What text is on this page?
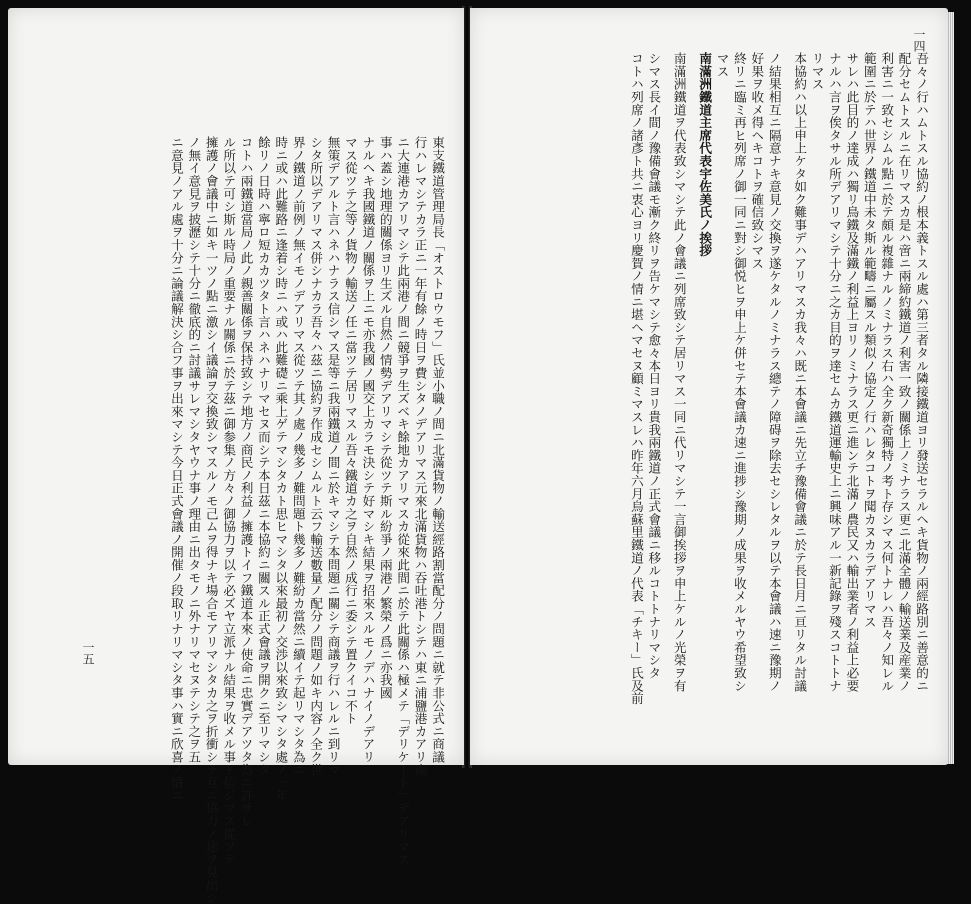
一五	東支鐵道管理局長「オストロウモフ」氏並小職ノ間ニ北滿貨物ノ輸送經路割當配分ノ問題ニ就テ非公式ニ商議
行ハレマシテカラ正ニ一年有餘ノ時日ヲ費シタノデアリマス元來北滿貨物ハ吞吐港トシテハ東ニ浦鹽港カアリ南
ニ大連港カアリマシテ此兩港ノ間ニ競爭ヲ生ズベキ餘地カアリマスカ從來此間ニ於テ此關係ハ極メテ「デリケート」デアリマス
事ハ蓋シ地理的關係ヨリ生ズル自然ノ情勢デアリマシテ從ツテ斯ル紛爭ノ兩港ノ繁榮ノ爲ニ亦我國
ナルヘキ我國鐵道ノ關係ヲ上ニモ亦我國ノ國交上カラモ決シテ好マシキ結果ヲ招來スルモノデハナイノデアリ
マス從ツテ之等ノ貨物ノ輸送ノ任ニ當ツテ居リマスル吾々鐵道カ之ヲ自然ノ成行ニ委シテ置クイコ不ト
無策デアルト言ハネハナラス信シマス是等ニ我兩鐵道ノ間ニ於キマシテ本問題ニ關シテ商議ヲ行ハレルニ到リマ
シタ所以デアリマス併シナカラ吾々ハ茲ニ協約ヲ作成セシムルト云フ輸送數量ノ配分ノ問題ノ如キ内容ノ全ク世
界ノ鐵道ノ前例ノ無イモノデアリマス從ツテ其ノ處ノ幾多ノ難問題ト幾多ノ難紛カ當然ニ續イテ起リマシタ為ニ
時ニ或ハ此難路ニ逢着シ時ニハ或ハ此難礎ニ乘上ゲテマシタカト思ヒマシタ以來最初ノ交渉以來致シマシタ處ノ一年
餘リノ日時ハ寧ロ短カカツタト言ハネハナリマセヌ而シテ本日茲ニ本協約ニ關スル正式會議ヲ開クニ至リマシタ
コトハ兩鐵道當局ノ此ノ親善關係ヲ保持致シテ地方ノ商民ノ利益ノ擁護トイフ鐵道本來ノ使命ニ忠實デアツタ為ニ許サレ
ル所以テ可シ斯ル時局ノ重要ナル關係ニ於テ茲ニ御参集ノ方々ノ御協力ヲ以テ必ズヤ立派ナル結果ヲ收メル事ト信ジマス從ツテ
擁護ノ會議中ニ如キ一ツノ點ニ激シイ議論ヲ交換致シマスルノモ己ムヲ得ナキ場合モアリマシタカ之ヲ折衝シテ互ニ協力ノ途ヲ見出シ
ノ無イ意見ヲ披瀝シテ十分ニ徹底的ニ討議サレマシタヤウナ事ノ理由ニ出タモノニ外ナリマセヌテシテ之ヲ五
ニ意見ノアル處ヲ十分ニ論議解決シ合フ事ヲ出來マシテ今日正式會議ノ開催ノ段取リナリマシタ事ハ實ニ欣喜ノ情ニ
一四
吾々ノ行ハムトスル協約ノ根本義トスル處ハ第三者タル隣接鐵道ヨリ發送セラルヘキ貨物ノ兩經路別ニ善意的ニ
配分セムトスルニ在リマスカ是ハ啻ニ兩締約鐵道ノ利害一致ノ關係上ノミナラス更ニ北滿全體ノ輸送業及産業ノ
利害ニ一致セシムル點ニ於テ頗ル複雜ナルノミナラス右ハ全ク新奇獨特ノ考ト存シマス何トナレハ吾々ノ知レル
範圍ニ於テハ世界ノ鐵道中未タ斯ル範疇ニ屬スル類似ノ協定ノ行ハレタコトヲ聞カヌカラデアリマス
サレハ此目的ノ達成ハ獨リ鳥鐵及滿鐵ノ利益上ヨリノミナラス更ニ進ンテ北滿ノ農民又ハ輸出業者ノ利益上必要
ナルハ言ヲ俟タサル所デアリマシテ十分ニ之カ目的ヲ達セムカ鐵道運輸史上ニ興味アル一新記錄ヲ殘スコトトナ
リマス
本協約ハ以上申上ケタ如ク難事デハアリマスカ我々ハ既ニ本會議ニ先立チ豫備會議ニ於テ長日月ニ亘リタル討議
ノ結果相互ニ隔意ナキ意見ノ交換ヲ遂ケタルノミナラス總テノ障碍ヲ除去セシレタルヲ以テ本會議ハ速ニ豫期ノ
好果ヲ收メ得ヘキコトヲ確信致シマス
終リニ臨ミ再ヒ列席ノ御一同ニ對シ御悦ヒヲ申上ケ併セテ本會議カ速ニ進捗シ豫期ノ成果ヲ收メルヤウ希望致シ
マス
南滿洲鐵道主席代表宇佐美氏ノ挨拶
南滿洲鐵道ヲ代表致シマシテ此ノ會議ニ列席致シテ居リマス一同ニ代リマシテ一言御挨拶ヲ申上ケルノ光榮ヲ有
シマス長イ間ノ豫備會議モ漸ク終リヲ告ケマシテ愈々本日ヨリ貴我兩鐵道ノ正式會議ニ移ルコトトナリマシタ
コトハ列席ノ諸彥ト共ニ衷心ヨリ慶賀ノ情ニ堪ヘマセヌ顧ミマスレハ昨年六月烏蘇里鐵道ノ代表「チキー」氏及前
